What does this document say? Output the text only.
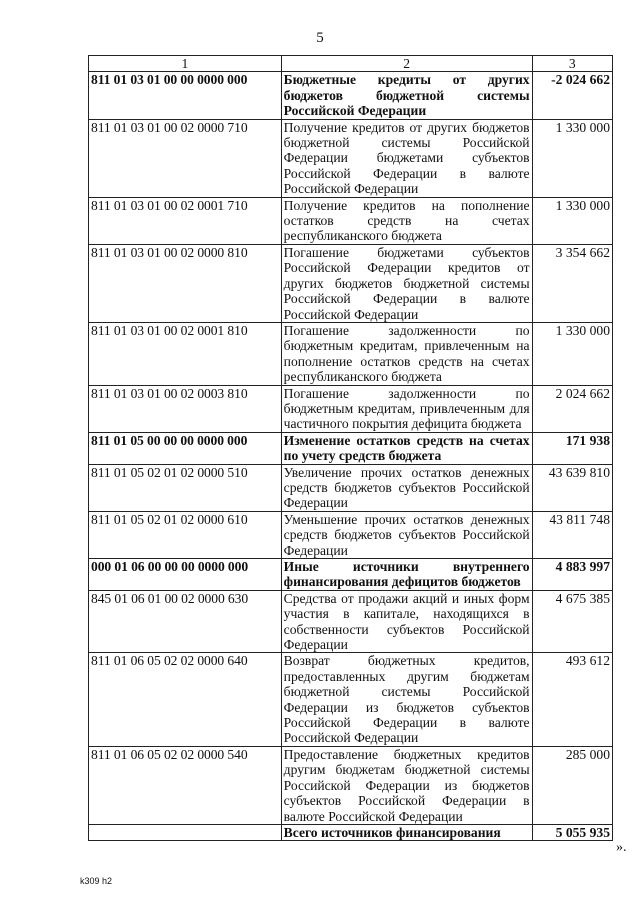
5
1	2	3
811 01 03 01 00 00 0000 000	Бюджетные кредиты от других бюджетов бюджетной системы Российской Федерации	-2 024 662
811 01 03 01 00 02 0000 710	Получение кредитов от других бюджетов бюджетной системы Российской Федерации бюджетами субъектов Российской Федерации в валюте Российской Федерации	1 330 000
811 01 03 01 00 02 0001 710	Получение кредитов на пополнение остатков средств на счетах республиканского бюджета	1 330 000
811 01 03 01 00 02 0000 810	Погашение бюджетами субъектов Российской Федерации кредитов от других бюджетов бюджетной системы Российской Федерации в валюте Российской Федерации	3 354 662
811 01 03 01 00 02 0001 810	Погашение задолженности по бюджетным кредитам, привлеченным на пополнение остатков средств на счетах республиканского бюджета	1 330 000
811 01 03 01 00 02 0003 810	Погашение задолженности по бюджетным кредитам, привлеченным для частичного покрытия дефицита бюджета	2 024 662
811 01 05 00 00 00 0000 000	Изменение остатков средств на счетах по учету средств бюджета	171 938
811 01 05 02 01 02 0000 510	Увеличение прочих остатков денежных средств бюджетов субъектов Российской Федерации	43 639 810
811 01 05 02 01 02 0000 610	Уменьшение прочих остатков денежных средств бюджетов субъектов Российской Федерации	43 811 748
000 01 06 00 00 00 0000 000	Иные источники внутреннего финансирования дефицитов бюджетов	4 883 997
845 01 06 01 00 02 0000 630	Средства от продажи акций и иных форм участия в капитале, находящихся в собственности субъектов Российской Федерации	4 675 385
811 01 06 05 02 02 0000 640	Возврат бюджетных кредитов, предоставленных другим бюджетам бюджетной системы Российской Федерации из бюджетов субъектов Российской Федерации в валюте Российской Федерации	493 612
811 01 06 05 02 02 0000 540	Предоставление бюджетных кредитов другим бюджетам бюджетной системы Российской Федерации из бюджетов субъектов Российской Федерации в валюте Российской Федерации	285 000
	Всего источников финансирования	5 055 935
».
k309 h2
